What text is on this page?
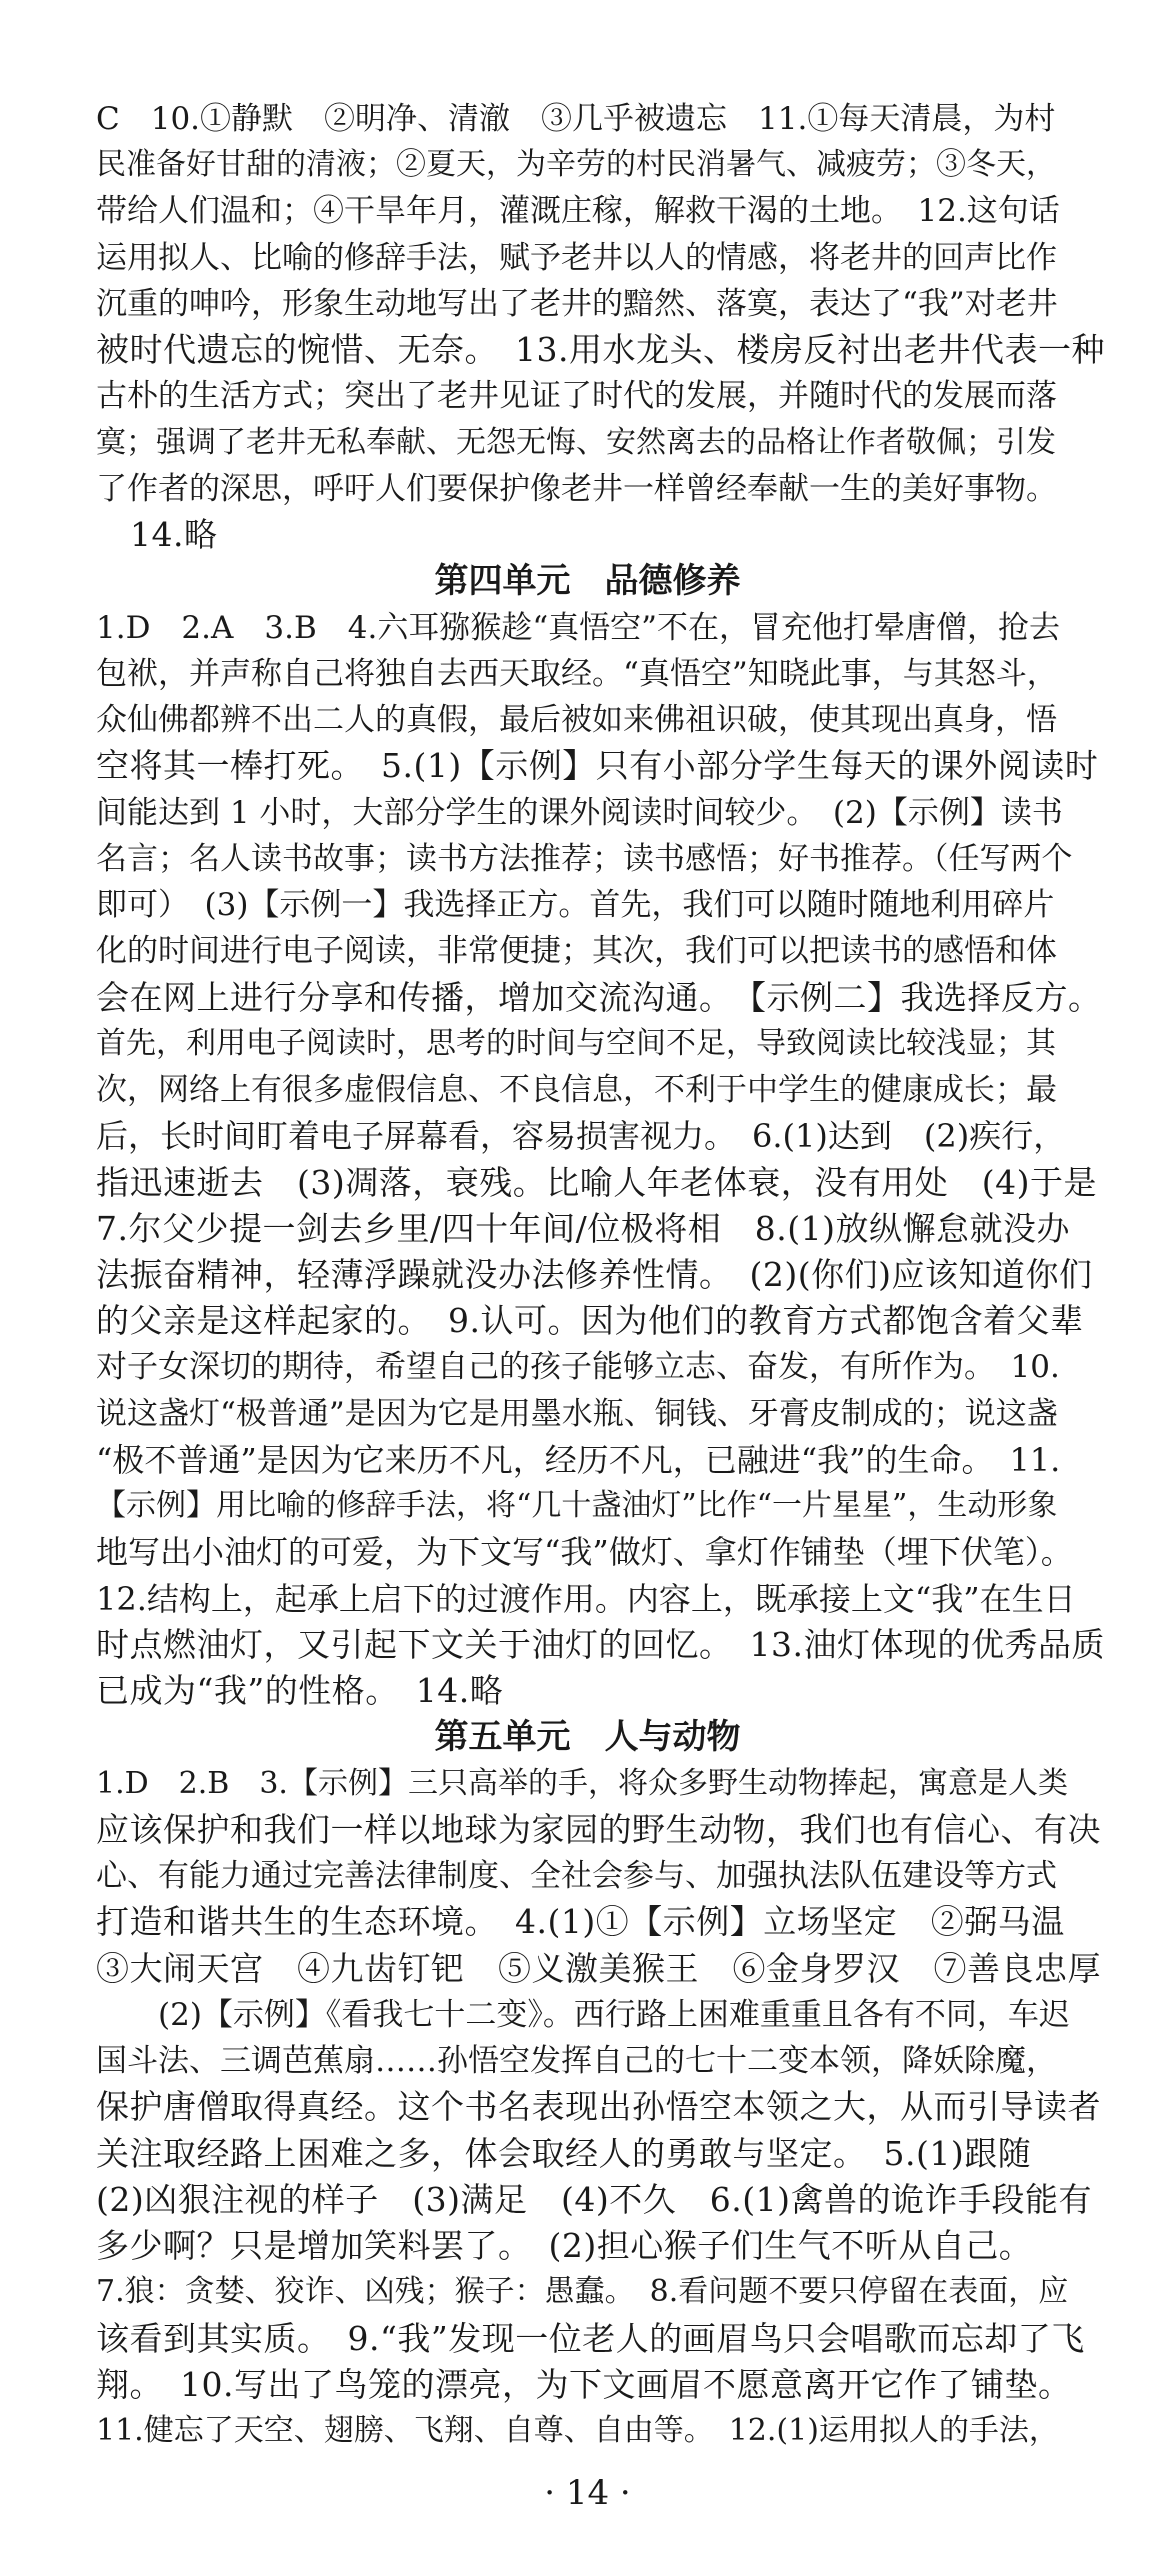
C　10.①静默　②明净、清澈　③几乎被遗忘　11.①每天清晨，为村
民准备好甘甜的清液；②夏天，为辛劳的村民消暑气、减疲劳；③冬天，
带给人们温和；④干旱年月，灌溉庄稼，解救干渴的土地。　12.这句话
运用拟人、比喻的修辞手法，赋予老井以人的情感，将老井的回声比作
沉重的呻吟，形象生动地写出了老井的黯然、落寞，表达了“我”对老井
被时代遗忘的惋惜、无奈。　13.用水龙头、楼房反衬出老井代表一种
古朴的生活方式；突出了老井见证了时代的发展，并随时代的发展而落
寞；强调了老井无私奉献、无怨无悔、安然离去的品格让作者敬佩；引发
了作者的深思，呼吁人们要保护像老井一样曾经奉献一生的美好事物。
14.略
第四单元　品德修养
1.D　2.A　3.B　4.六耳猕猴趁“真悟空”不在，冒充他打晕唐僧，抢去
包袱，并声称自己将独自去西天取经。“真悟空”知晓此事，与其怒斗，
众仙佛都辨不出二人的真假，最后被如来佛祖识破，使其现出真身，悟
空将其一棒打死。　5.(1)【示例】只有小部分学生每天的课外阅读时
间能达到 1 小时，大部分学生的课外阅读时间较少。　(2)【示例】读书
名言；名人读书故事；读书方法推荐；读书感悟；好书推荐。（任写两个
即可）　(3)【示例一】我选择正方。首先，我们可以随时随地利用碎片
化的时间进行电子阅读，非常便捷；其次，我们可以把读书的感悟和体
会在网上进行分享和传播，增加交流沟通。　【示例二】我选择反方。
首先，利用电子阅读时，思考的时间与空间不足，导致阅读比较浅显；其
次，网络上有很多虚假信息、不良信息，不利于中学生的健康成长；最
后，长时间盯着电子屏幕看，容易损害视力。　6.(1)达到　(2)疾行，
指迅速逝去　(3)凋落，衰残。比喻人年老体衰，没有用处　(4)于是
7.尔父少提一剑去乡里/四十年间/位极将相　8.(1)放纵懈怠就没办
法振奋精神，轻薄浮躁就没办法修养性情。　(2)(你们)应该知道你们
的父亲是这样起家的。　9.认可。因为他们的教育方式都饱含着父辈
对子女深切的期待，希望自己的孩子能够立志、奋发，有所作为。　10.
说这盏灯“极普通”是因为它是用墨水瓶、铜钱、牙膏皮制成的；说这盏
“极不普通”是因为它来历不凡，经历不凡，已融进“我”的生命。　11.
【示例】用比喻的修辞手法，将“几十盏油灯”比作“一片星星”，生动形象
地写出小油灯的可爱，为下文写“我”做灯、拿灯作铺垫（埋下伏笔）。
12.结构上，起承上启下的过渡作用。内容上，既承接上文“我”在生日
时点燃油灯，又引起下文关于油灯的回忆。　13.油灯体现的优秀品质
已成为“我”的性格。　14.略
第五单元　人与动物
1.D　2.B　3.【示例】三只高举的手，将众多野生动物捧起，寓意是人类
应该保护和我们一样以地球为家园的野生动物，我们也有信心、有决
心、有能力通过完善法律制度、全社会参与、加强执法队伍建设等方式
打造和谐共生的生态环境。　4.(1)①【示例】立场坚定　②弼马温
③大闹天宫　④九齿钉钯　⑤义激美猴王　⑥金身罗汉　⑦善良忠厚
　　(2)【示例】《看我七十二变》。西行路上困难重重且各有不同，车迟
国斗法、三调芭蕉扇……孙悟空发挥自己的七十二变本领，降妖除魔，
保护唐僧取得真经。这个书名表现出孙悟空本领之大，从而引导读者
关注取经路上困难之多，体会取经人的勇敢与坚定。　5.(1)跟随
(2)凶狠注视的样子　(3)满足　(4)不久　6.(1)禽兽的诡诈手段能有
多少啊？只是增加笑料罢了。　(2)担心猴子们生气不听从自己。
7.狼：贪婪、狡诈、凶残；猴子：愚蠢。　8.看问题不要只停留在表面，应
该看到其实质。　9.“我”发现一位老人的画眉鸟只会唱歌而忘却了飞
翔。　10.写出了鸟笼的漂亮，为下文画眉不愿意离开它作了铺垫。
11.健忘了天空、翅膀、飞翔、自尊、自由等。　12.(1)运用拟人的手法，
· 14 ·
